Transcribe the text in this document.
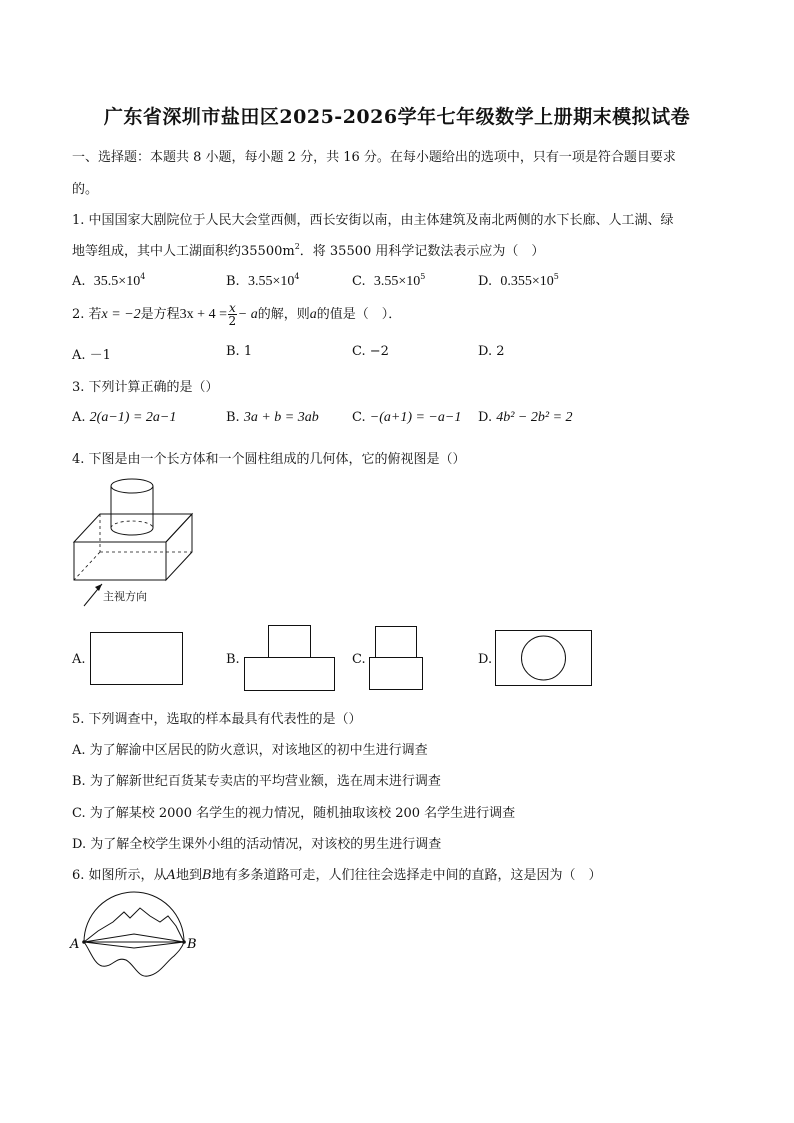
广东省深圳市盐田区2025-2026学年七年级数学上册期末模拟试卷
一、选择题：本题共 8 小题，每小题 2 分，共 16 分。在每小题给出的选项中，只有一项是符合题目要求
的。
1. 中国国家大剧院位于人民大会堂西侧，西长安街以南，由主体建筑及南北两侧的水下长廊、人工湖、绿
地等组成，其中人工湖面积约$35500m^2$．将 35500 用科学记数法表示应为（　）
A. $35.5\times 10^4$	B. $3.55\times 10^4$	C. $3.55\times 10^5$	D. $0.355\times 10^5$
2. 若x = −2是方程$3x + 4 = \frac{x}{2} - a$的解，则a的值是（　）．
A. －1	B. 1	C. −2	D. 2
3. 下列计算正确的是（）
A. 2(a−1) = 2a−1	B. 3a + b = 3ab	C. −(a+1) = −a−1 D. 4b² − 2b² = 2
4. 下图是由一个长方体和一个圆柱组成的几何体，它的俯视图是（）
主视方向
A.	B.	C.	D.
5. 下列调查中，选取的样本最具有代表性的是（）
A. 为了解渝中区居民的防火意识，对该地区的初中生进行调查
B. 为了解新世纪百货某专卖店的平均营业额，选在周末进行调查
C. 为了解某校 2000 名学生的视力情况，随机抽取该校 200 名学生进行调查
D. 为了解全校学生课外小组的活动情况，对该校的男生进行调查
6. 如图所示，从A地到B地有多条道路可走，人们往往会选择走中间的直路，这是因为（　）
A	B
